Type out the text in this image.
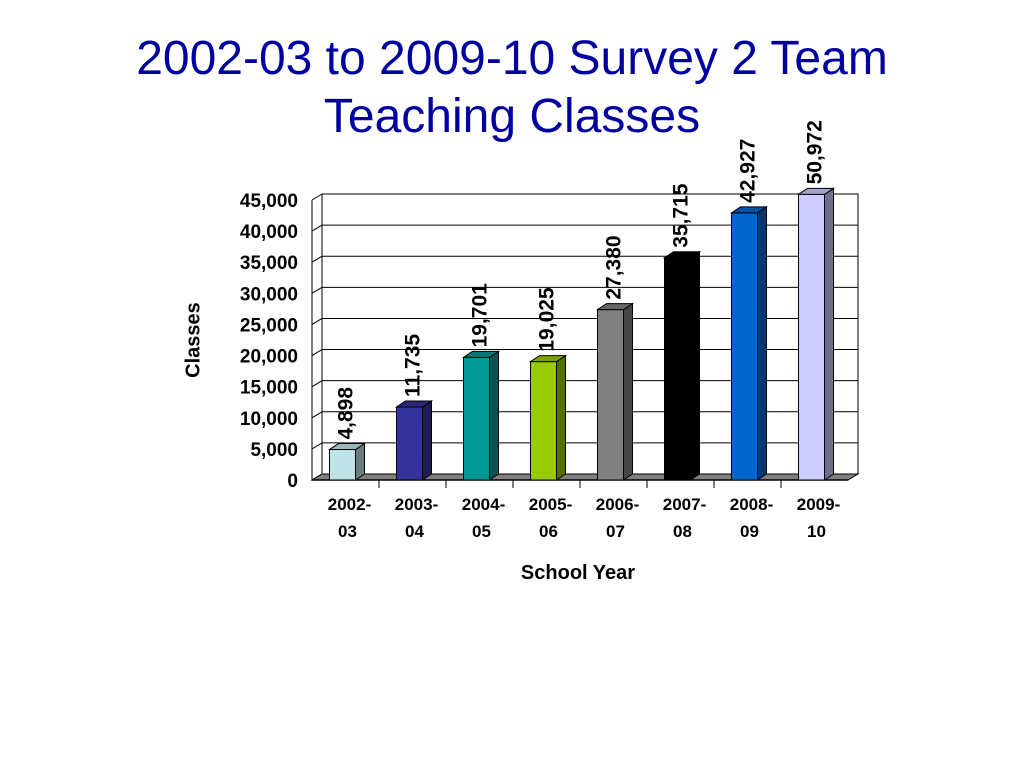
2002-03 to 2009-10 Survey 2 Team
Teaching Classes
0
5,000
10,000
15,000
20,000
25,000
30,000
35,000
40,000
45,000
4,898
11,735
19,701 19,025
27,380
35,715
42,927 50,972
2002-
03
2003-
04
2004-
05
2005-
06
2006-
07
2007-
08
2008-
09
2009-
10
Classes
School Year
